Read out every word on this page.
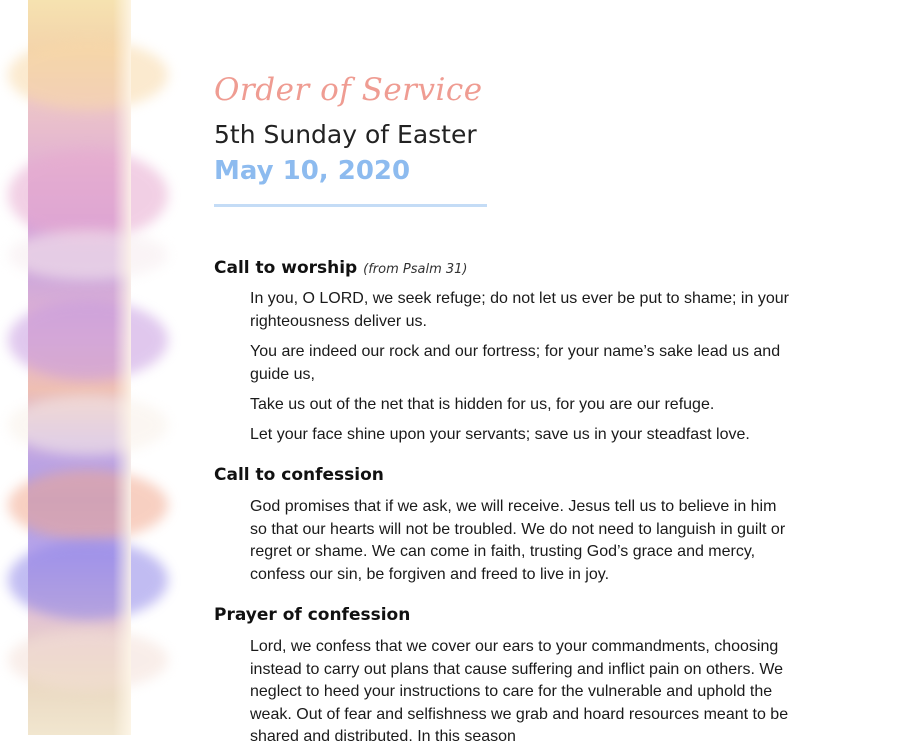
Order of Service
5th Sunday of Easter
May 10, 2020
Call to worship (from Psalm 31)

In you, O LORD, we seek refuge; do not let us ever be put to shame; in your righteousness deliver us.

You are indeed our rock and our fortress; for your name’s sake lead us and guide us,

Take us out of the net that is hidden for us, for you are our refuge.

Let your face shine upon your servants; save us in your steadfast love.

Call to confession

God promises that if we ask, we will receive. Jesus tell us to believe in him so that our hearts will not be troubled. We do not need to languish in guilt or regret or shame. We can come in faith, trusting God’s grace and mercy, confess our sin, be forgiven and freed to live in joy.

Prayer of confession

Lord, we confess that we cover our ears to your commandments, choosing instead to carry out plans that cause suffering and inflict pain on others. We neglect to heed your instructions to care for the vulnerable and uphold the weak. Out of fear and selfishness we grab and hoard resources meant to be shared and distributed. In this season
